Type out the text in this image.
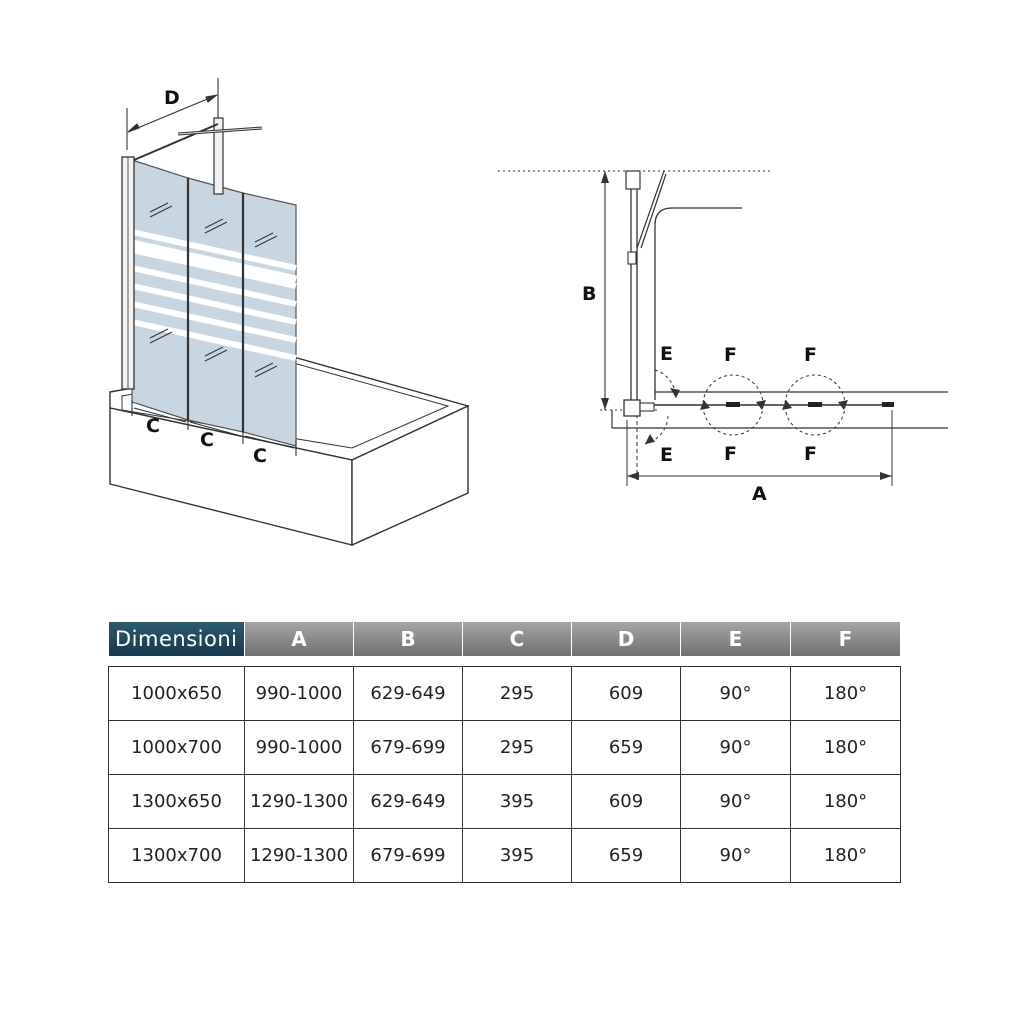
D
C
C
C
B
A
E
E
F	F
F	F
Dimensioni	A	B	C	D	E	F

1000x650	990-1000	629-649	295	609	90°	180°
1000x700	990-1000	679-699	295	659	90°	180°
1300x650	1290-1300	629-649	395	609	90°	180°
1300x700	1290-1300	679-699	395	659	90°	180°
